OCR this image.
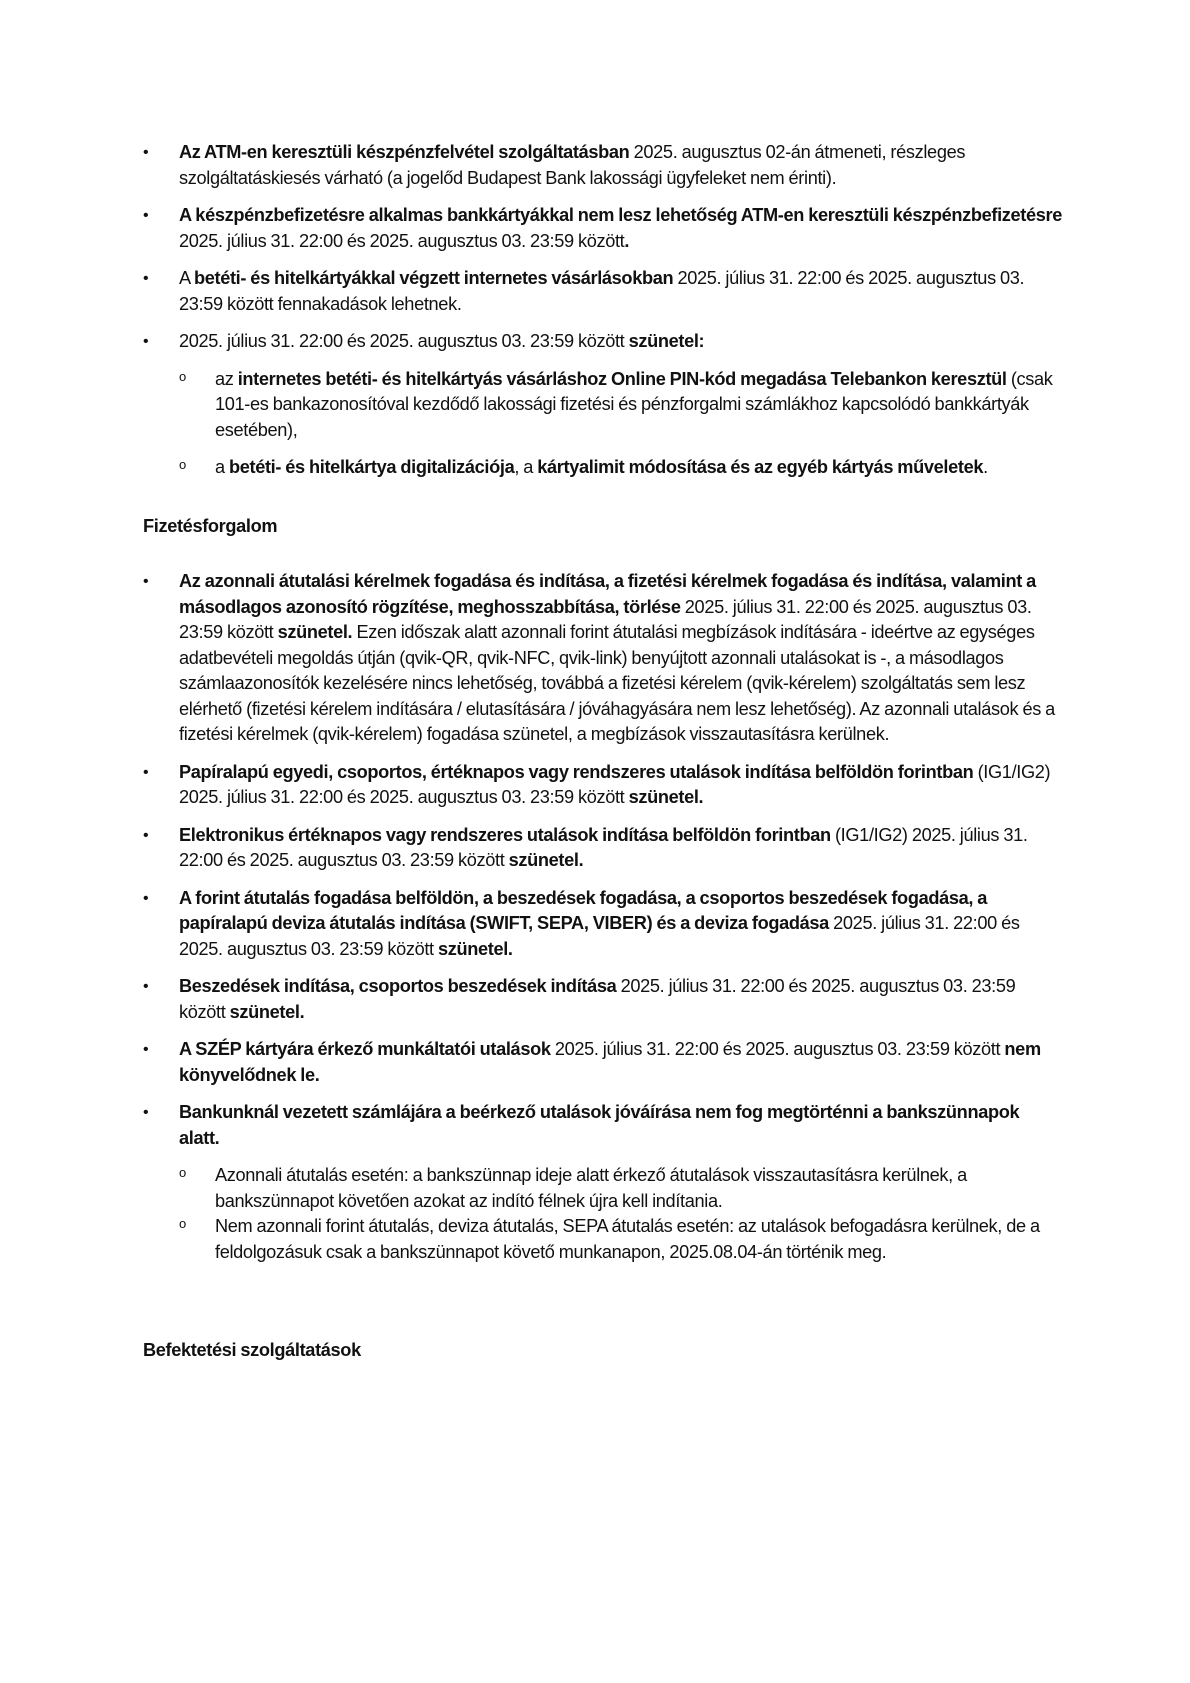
•	Az ATM-en keresztüli készpénzfelvétel szolgáltatásban 2025. augusztus 02-án átmeneti, részleges szolgáltatáskiesés várható (a jogelőd Budapest Bank lakossági ügyfeleket nem érinti).
•	A készpénzbefizetésre alkalmas bankkártyákkal nem lesz lehetőség ATM-en keresztüli készpénzbefizetésre 2025. július 31. 22:00 és 2025. augusztus 03. 23:59 között.
•	A betéti- és hitelkártyákkal végzett internetes vásárlásokban 2025. július 31. 22:00 és 2025. augusztus 03. 23:59 között fennakadások lehetnek.
•	2025. július 31. 22:00 és 2025. augusztus 03. 23:59 között szünetel:
o az internetes betéti- és hitelkártyás vásárláshoz Online PIN-kód megadása Telebankon keresztül (csak 101-es bankazonosítóval kezdődő lakossági fizetési és pénzforgalmi számlákhoz kapcsolódó bankkártyák esetében),
o a betéti- és hitelkártya digitalizációja, a kártyalimit módosítása és az egyéb kártyás műveletek.

Fizetésforgalom

•	Az azonnali átutalási kérelmek fogadása és indítása, a fizetési kérelmek fogadása és indítása, valamint a másodlagos azonosító rögzítése, meghosszabbítása, törlése 2025. július 31. 22:00 és 2025. augusztus 03. 23:59 között szünetel. Ezen időszak alatt azonnali forint átutalási megbízások indítására - ideértve az egységes adatbevételi megoldás útján (qvik-QR, qvik-NFC, qvik-link) benyújtott azonnali utalásokat is -, a másodlagos számlaazonosítók kezelésére nincs lehetőség, továbbá a fizetési kérelem (qvik-kérelem) szolgáltatás sem lesz elérhető (fizetési kérelem indítására / elutasítására / jóváhagyására nem lesz lehetőség). Az azonnali utalások és a fizetési kérelmek (qvik-kérelem) fogadása szünetel, a megbízások visszautasításra kerülnek.
•	Papíralapú egyedi, csoportos, értéknapos vagy rendszeres utalások indítása belföldön forintban (IG1/IG2) 2025. július 31. 22:00 és 2025. augusztus 03. 23:59 között szünetel.
•	Elektronikus értéknapos vagy rendszeres utalások indítása belföldön forintban (IG1/IG2) 2025. július 31. 22:00 és 2025. augusztus 03. 23:59 között szünetel.
•	A forint átutalás fogadása belföldön, a beszedések fogadása, a csoportos beszedések fogadása, a papíralapú deviza átutalás indítása (SWIFT, SEPA, VIBER) és a deviza fogadása 2025. július 31. 22:00 és 2025. augusztus 03. 23:59 között szünetel.
•	Beszedések indítása, csoportos beszedések indítása 2025. július 31. 22:00 és 2025. augusztus 03. 23:59 között szünetel.
•	A SZÉP kártyára érkező munkáltatói utalások 2025. július 31. 22:00 és 2025. augusztus 03. 23:59 között nem könyvelődnek le.
•	Bankunknál vezetett számlájára a beérkező utalások jóváírása nem fog megtörténni a bankszünnapok alatt.
o Azonnali átutalás esetén: a bankszünnap ideje alatt érkező átutalások visszautasításra kerülnek, a bankszünnapot követően azokat az indító félnek újra kell indítania.
o Nem azonnali forint átutalás, deviza átutalás, SEPA átutalás esetén: az utalások befogadásra kerülnek, de a feldolgozásuk csak a bankszünnapot követő munkanapon, 2025.08.04-án történik meg.

Befektetési szolgáltatások
